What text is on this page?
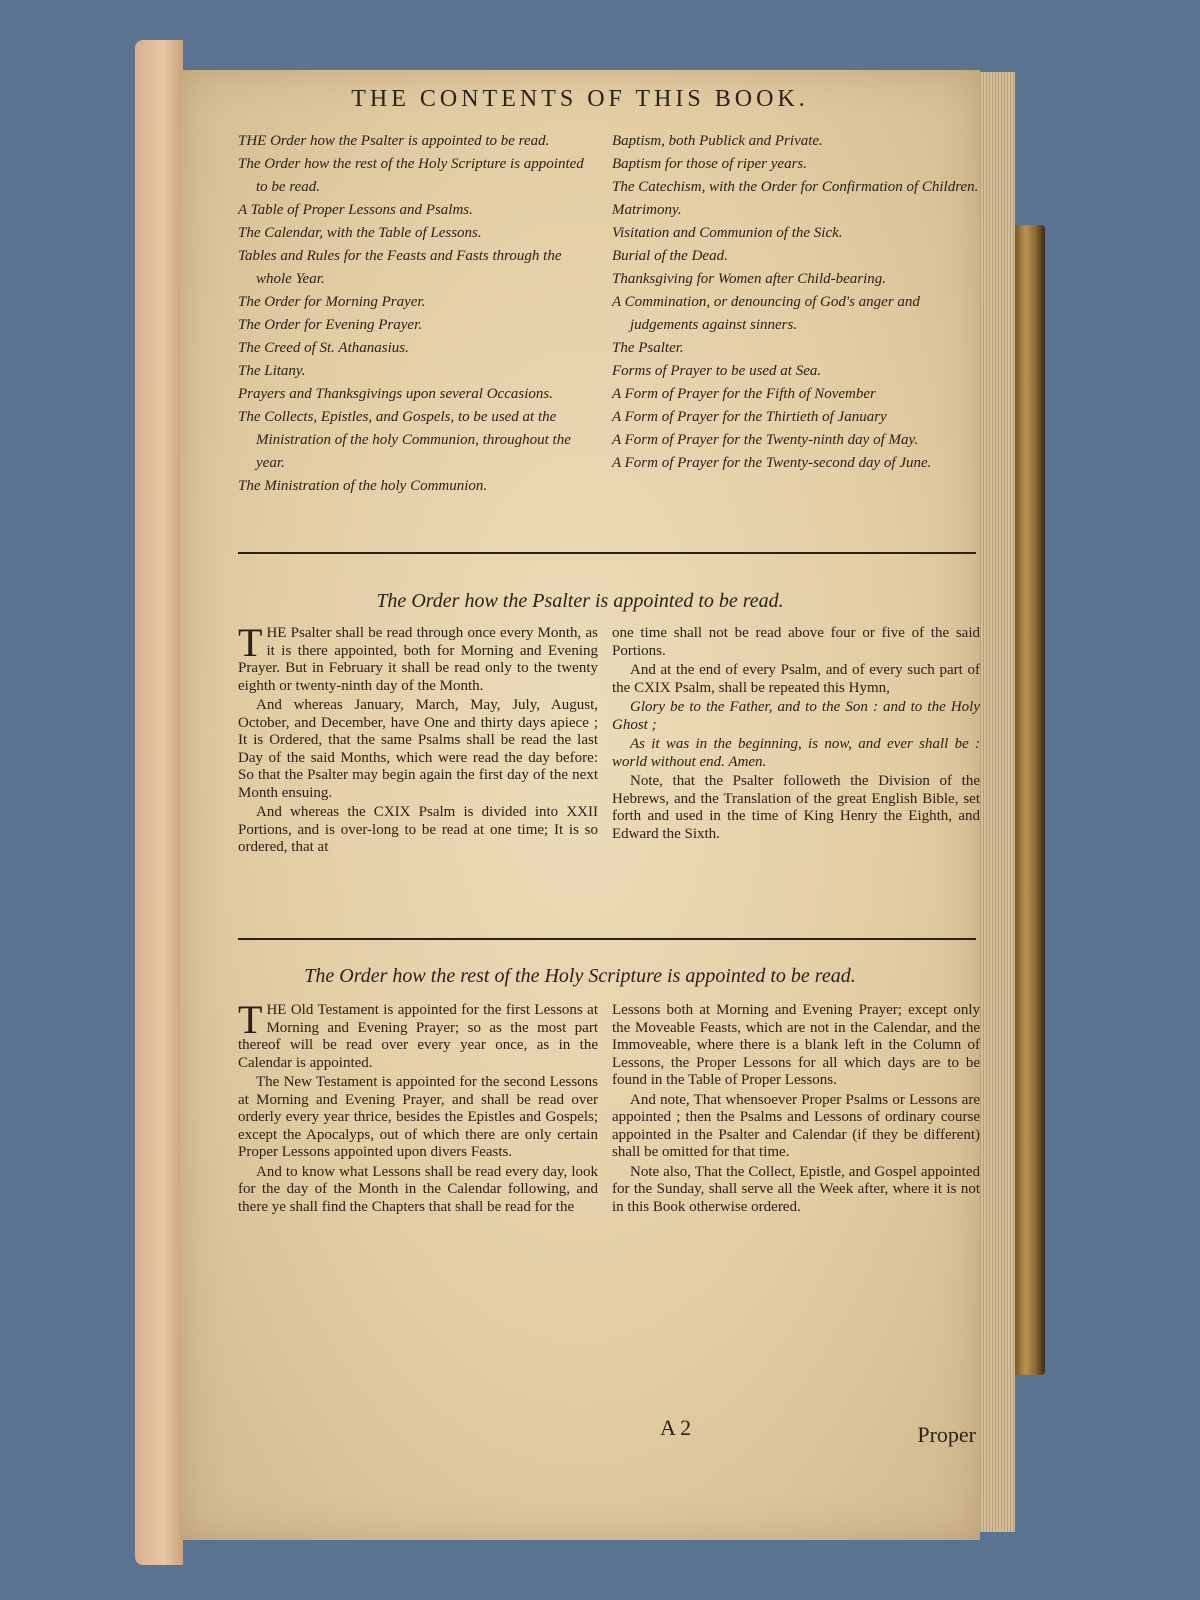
THE CONTENTS OF THIS BOOK.
THE Order how the Psalter is appointed to be read.
The Order how the rest of the Holy Scripture is appointed to be read.
A Table of Proper Lessons and Psalms.
The Calendar, with the Table of Lessons.
Tables and Rules for the Feasts and Fasts through the whole Year.
The Order for Morning Prayer.
The Order for Evening Prayer.
The Creed of St. Athanasius.
The Litany.
Prayers and Thanksgivings upon several Occasions.
The Collects, Epistles, and Gospels, to be used at the Ministration of the holy Communion, throughout the year.
The Ministration of the holy Communion.
Baptism, both Publick and Private.
Baptism for those of riper years.
The Catechism, with the Order for Confirmation of Children.
Matrimony.
Visitation and Communion of the Sick.
Burial of the Dead.
Thanksgiving for Women after Child-bearing.
A Commination, or denouncing of God's anger and judgements against sinners.
The Psalter.
Forms of Prayer to be used at Sea.
A Form of Prayer for the Fifth of November
A Form of Prayer for the Thirtieth of January
A Form of Prayer for the Twenty-ninth day of May.
A Form of Prayer for the Twenty-second day of June.
The Order how the Psalter is appointed to be read.

THE Psalter shall be read through once every Month, as it is there appointed, both for Morning and Evening Prayer. But in February it shall be read only to the twenty eighth or twenty-ninth day of the Month.

And whereas January, March, May, July, August, October, and December, have One and thirty days apiece ; It is Ordered, that the same Psalms shall be read the last Day of the said Months, which were read the day before: So that the Psalter may begin again the first day of the next Month ensuing.

And whereas the CXIX Psalm is divided into XXII Portions, and is over-long to be read at one time; It is so ordered, that at

one time shall not be read above four or five of the said Portions.

And at the end of every Psalm, and of every such part of the CXIX Psalm, shall be repeated this Hymn,

Glory be to the Father, and to the Son : and to the Holy Ghost ;

As it was in the beginning, is now, and ever shall be : world without end. Amen.

Note, that the Psalter followeth the Division of the Hebrews, and the Translation of the great English Bible, set forth and used in the time of King Henry the Eighth, and Edward the Sixth.

The Order how the rest of the Holy Scripture is appointed to be read.

THE Old Testament is appointed for the first Lessons at Morning and Evening Prayer; so as the most part thereof will be read over every year once, as in the Calendar is appointed.

The New Testament is appointed for the second Lessons at Morning and Evening Prayer, and shall be read over orderly every year thrice, besides the Epistles and Gospels; except the Apocalyps, out of which there are only certain Proper Lessons appointed upon divers Feasts.

And to know what Lessons shall be read every day, look for the day of the Month in the Calendar following, and there ye shall find the Chapters that shall be read for the

Lessons both at Morning and Evening Prayer; except only the Moveable Feasts, which are not in the Calendar, and the Immoveable, where there is a blank left in the Column of Lessons, the Proper Lessons for all which days are to be found in the Table of Proper Lessons.

And note, That whensoever Proper Psalms or Lessons are appointed ; then the Psalms and Lessons of ordinary course appointed in the Psalter and Calendar (if they be different) shall be omitted for that time.

Note also, That the Collect, Epistle, and Gospel appointed for the Sunday, shall serve all the Week after, where it is not in this Book otherwise ordered.

A 2	Proper
